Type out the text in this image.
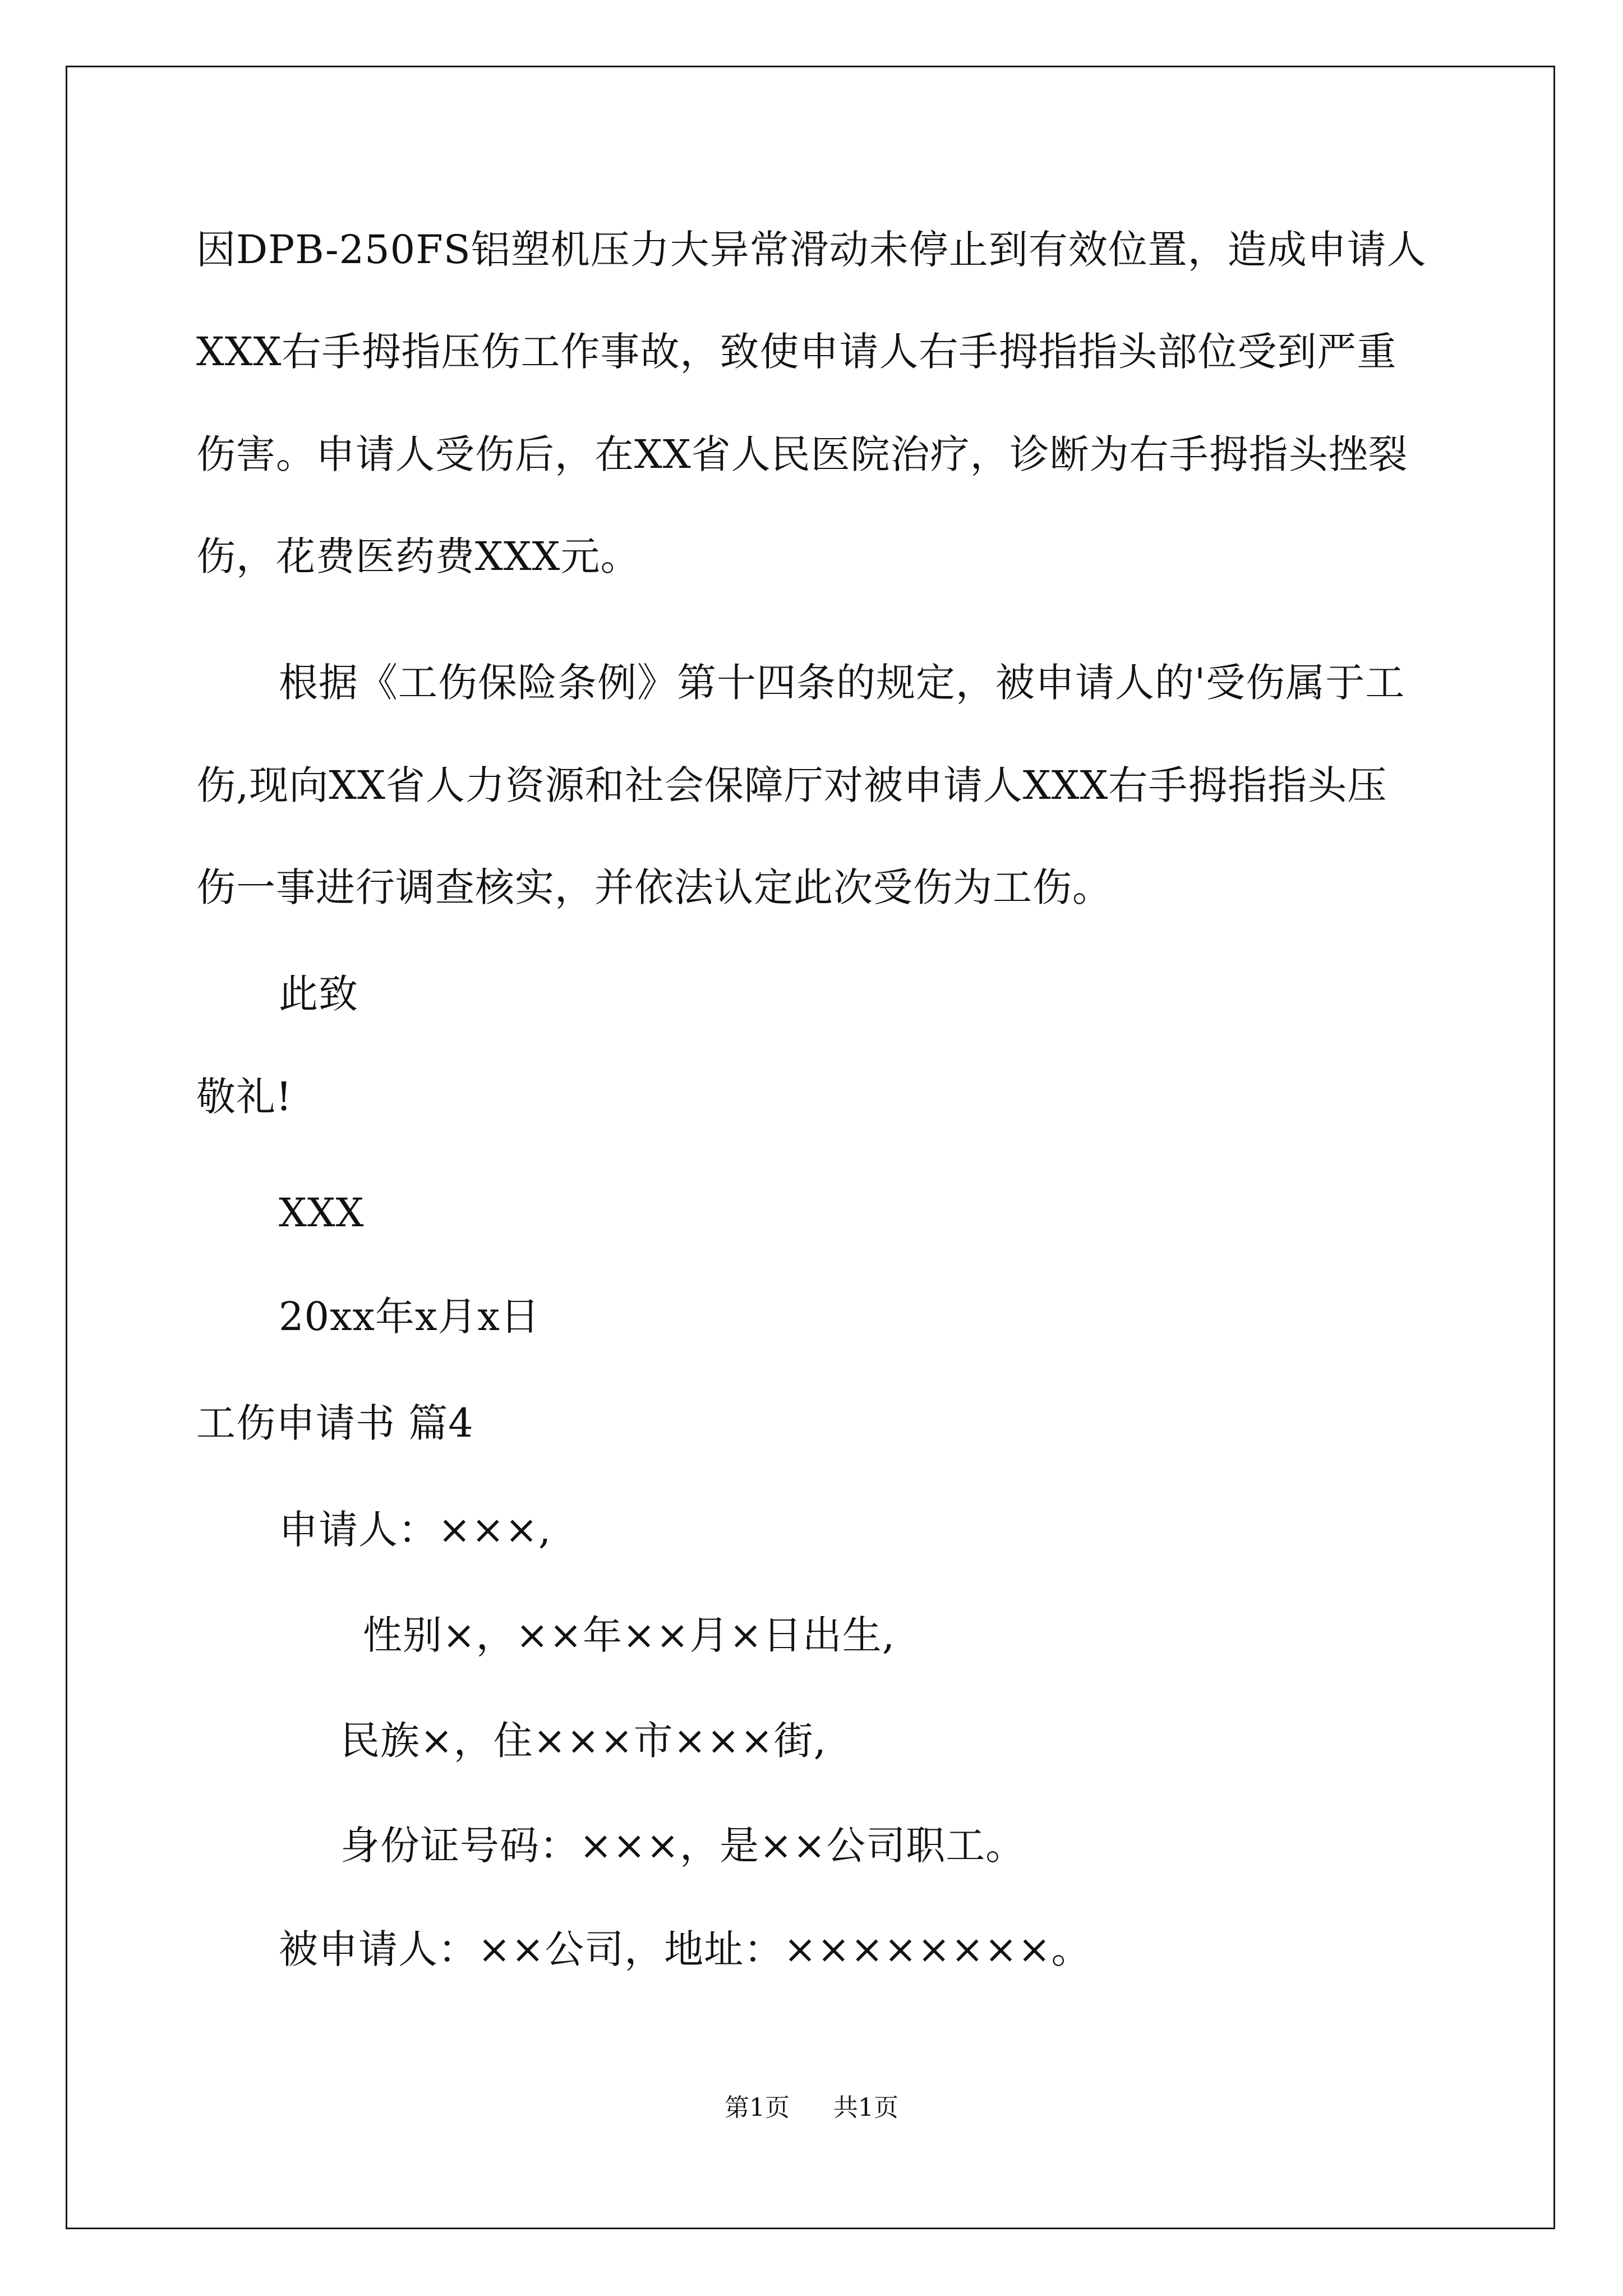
因DPB-250FS铝塑机压力大异常滑动未停止到有效位置，造成申请人
XXX右手拇指压伤工作事故，致使申请人右手拇指指头部位受到严重
伤害。申请人受伤后，在XX省人民医院治疗，诊断为右手拇指头挫裂
伤，花费医药费XXX元。
根据《工伤保险条例》第十四条的规定，被申请人的'受伤属于工
伤,现向XX省人力资源和社会保障厅对被申请人XXX右手拇指指头压
伤一事进行调查核实，并依法认定此次受伤为工伤。
此致
敬礼!
XXX
20xx年x月x日
工伤申请书 篇4
申请人：×××,
性别×，××年××月×日出生,
民族×，住×××市×××街,
身份证号码：×××，是××公司职工。
被申请人：××公司，地址：××××××××。
第1页 共1页
